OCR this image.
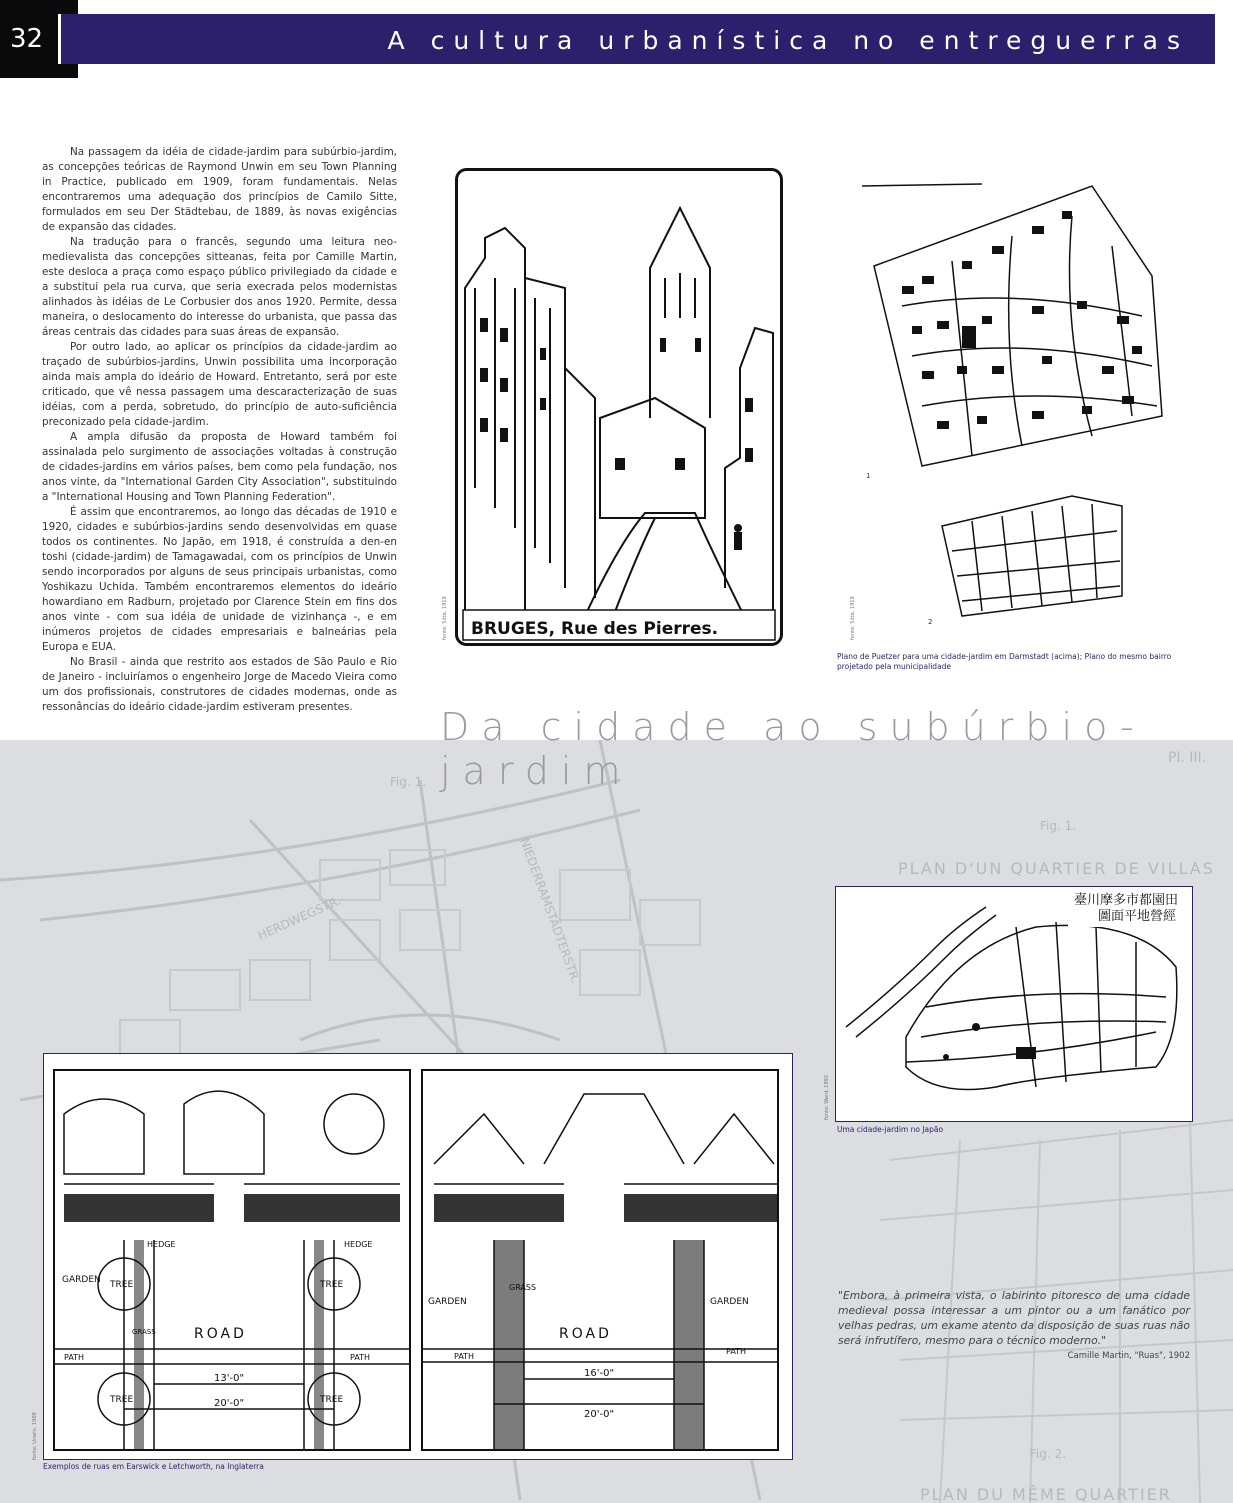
Fig. 1.
Pl. III.
Fig. 1.
PLAN D'UN QUARTIER DE VILLAS
HERDWEGSTR.	NIEDERRAMSTÄDTERSTR.
Fig. 2.
PLAN DU MÊME QUARTIER
32	A cultura urbanística no entreguerras

Na passagem da idéia de cidade-jardim para subúrbio-jardim, as concepções teóricas de Raymond Unwin em seu Town Planning in Practice, publicado em 1909, foram fundamentais. Nelas encontraremos uma adequação dos princípios de Camilo Sitte, formulados em seu Der Städtebau, de 1889, às novas exigências de expansão das cidades.

Na tradução para o francês, segundo uma leitura neo-medievalista das concepções sitteanas, feita por Camille Martin, este desloca a praça como espaço público privilegiado da cidade e a substitui pela rua curva, que seria execrada pelos modernistas alinhados às idéias de Le Corbusier dos anos 1920. Permite, dessa maneira, o deslocamento do interesse do urbanista, que passa das áreas centrais das cidades para suas áreas de expansão.

Por outro lado, ao aplicar os princípios da cidade-jardim ao traçado de subúrbios-jardins, Unwin possibilita uma incorporação ainda mais ampla do ideário de Howard. Entretanto, será por este criticado, que vê nessa passagem uma descaracterização de suas idéias, com a perda, sobretudo, do princípio de auto-suficiência preconizado pela cidade-jardim.

A ampla difusão da proposta de Howard também foi assinalada pelo surgimento de associações voltadas à construção de cidades-jardins em vários países, bem como pela fundação, nos anos vinte, da "International Garden City Association", substituindo a "International Housing and Town Planning Federation".

É assim que encontraremos, ao longo das décadas de 1910 e 1920, cidades e subúrbios-jardins sendo desenvolvidas em quase todos os continentes. No Japão, em 1918, é construída a den-en toshi (cidade-jardim) de Tamagawadai, com os princípios de Unwin sendo incorporados por alguns de seus principais urbanistas, como Yoshikazu Uchida. Também encontraremos elementos do ideário howardiano em Radburn, projetado por Clarence Stein em fins dos anos vinte - com sua idéia de unidade de vizinhança -, e em inúmeros projetos de cidades empresariais e balneárias pela Europa e EUA.

No Brasil - ainda que restrito aos estados de São Paulo e Rio de Janeiro - incluiríamos o engenheiro Jorge de Macedo Vieira como um dos profissionais, construtores de cidades modernas, onde as ressonâncias do ideário cidade-jardim estiveram presentes.

BRUGES, Rue des Pierres.
fonte: Sitte, 1918
1
2
fonte: Sitte, 1918
Plano de Puetzer para uma cidade-jardim em Darmstadt (acima); Plano do mesmo bairro projetado pela municipalidade
Da cidade ao subúrbio-jardim
臺川摩多市都園田
圖面平地營經
fonte: Ward, 1992
Uma cidade-jardim no Japão
HEDGE	HEDGE
GARDEN TREE	TREE
ROAD
GRASS
PATH	PATH
TREE	TREE
13'-0"
20'-0"
GRASS
GARDEN	GARDEN
ROAD
PATH
PATH
16'-0"
20'-0"
fonte: Unwin, 1909
Exemplos de ruas em Earswick e Letchworth, na Inglaterra
"Embora, à primeira vista, o labirinto pitoresco de uma cidade medieval possa interessar a um pintor ou a um fanático por velhas pedras, um exame atento da disposição de suas ruas não será infrutífero, mesmo para o técnico moderno."
Camille Martin, "Ruas", 1902
